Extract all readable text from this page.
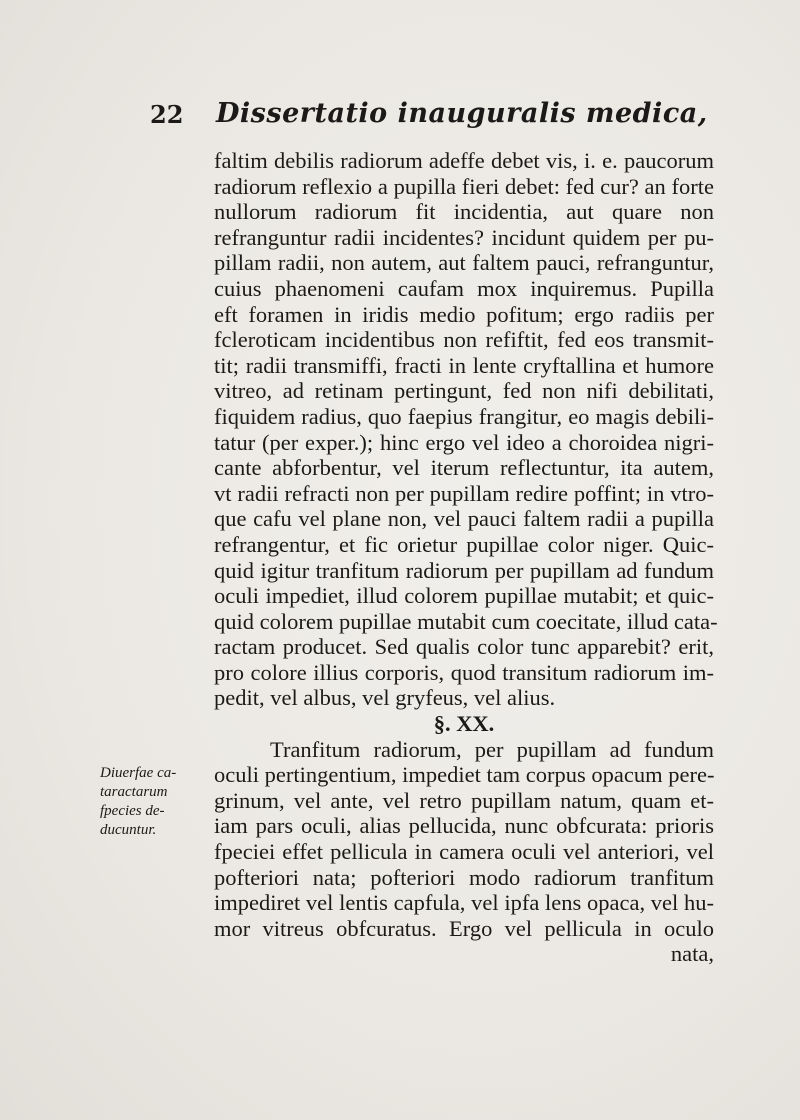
22 Dissertatio inauguralis medica,
Diuerfae ca-
taractarum
fpecies de-
ducuntur.
faltim debilis radiorum adeffe debet vis, i. e. paucorum
radiorum reflexio a pupilla fieri debet: fed cur? an forte
nullorum radiorum fit incidentia, aut quare non
refranguntur radii incidentes? incidunt quidem per pu-
pillam radii, non autem, aut faltem pauci, refranguntur,
cuius phaenomeni caufam mox inquiremus. Pupilla
eft foramen in iridis medio pofitum; ergo radiis per
fcleroticam incidentibus non refiftit, fed eos transmit-
tit; radii transmiffi, fracti in lente cryftallina et humore
vitreo, ad retinam pertingunt, fed non nifi debilitati,
fiquidem radius, quo faepius frangitur, eo magis debili-
tatur (per exper.); hinc ergo vel ideo a choroidea nigri-
cante abforbentur, vel iterum reflectuntur, ita autem,
vt radii refracti non per pupillam redire poffint; in vtro-
que cafu vel plane non, vel pauci faltem radii a pupilla
refrangentur, et fic orietur pupillae color niger. Quic-
quid igitur tranfitum radiorum per pupillam ad fundum
oculi impediet, illud colorem pupillae mutabit; et quic-
quid colorem pupillae mutabit cum coecitate, illud cata-
ractam producet. Sed qualis color tunc apparebit? erit,
pro colore illius corporis, quod transitum radiorum im-
pedit, vel albus, vel gryfeus, vel alius.
§. XX.
Tranfitum radiorum, per pupillam ad fundum
oculi pertingentium, impediet tam corpus opacum pere-
grinum, vel ante, vel retro pupillam natum, quam et-
iam pars oculi, alias pellucida, nunc obfcurata: prioris
fpeciei effet pellicula in camera oculi vel anteriori, vel
pofteriori nata; pofteriori modo radiorum tranfitum
impediret vel lentis capfula, vel ipfa lens opaca, vel hu-
mor vitreus obfcuratus. Ergo vel pellicula in oculo
nata,
